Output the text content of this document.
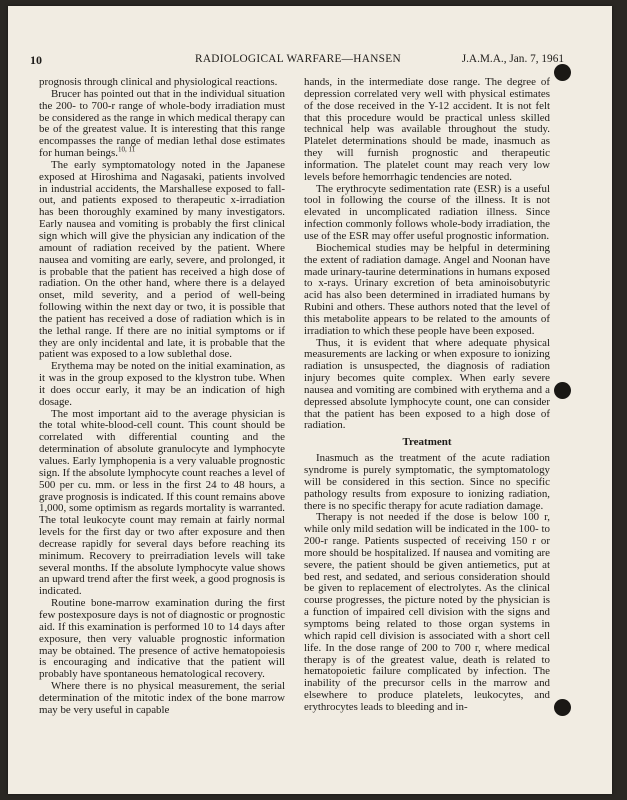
10	RADIOLOGICAL WARFARE—HANSEN	J.A.M.A., Jan. 7, 1961

prognosis through clinical and physiological reactions.

Brucer has pointed out that in the individual situation the 200- to 700-r range of whole-body irradiation must be considered as the range in which medical therapy can be of the greatest value. It is interesting that this range encompasses the range of median lethal dose estimates for human beings.$^{10, 11}$

The early symptomatology noted in the Japanese exposed at Hiroshima and Nagasaki, patients involved in industrial accidents, the Marshallese exposed to fall-out, and patients exposed to therapeutic x-irradiation has been thoroughly examined by many investigators. Early nausea and vomiting is probably the first clinical sign which will give the physician any indication of the amount of radiation received by the patient. Where nausea and vomiting are early, severe, and prolonged, it is probable that the patient has received a high dose of radiation. On the other hand, where there is a delayed onset, mild severity, and a period of well-being following within the next day or two, it is possible that the patient has received a dose of radiation which is in the lethal range. If there are no initial symptoms or if they are only incidental and late, it is probable that the patient was exposed to a low sublethal dose.

Erythema may be noted on the initial examination, as it was in the group exposed to the klystron tube. When it does occur early, it may be an indication of high dosage.

The most important aid to the average physician is the total white-blood-cell count. This count should be correlated with differential counting and the determination of absolute granulocyte and lymphocyte values. Early lymphopenia is a very valuable prognostic sign. If the absolute lymphocyte count reaches a level of 500 per cu. mm. or less in the first 24 to 48 hours, a grave prognosis is indicated. If this count remains above 1,000, some optimism as regards mortality is warranted. The total leukocyte count may remain at fairly normal levels for the first day or two after exposure and then decrease rapidly for several days before reaching its minimum. Recovery to preirradiation levels will take several months. If the absolute lymphocyte value shows an upward trend after the first week, a good prognosis is indicated.

Routine bone-marrow examination during the first few postexposure days is not of diagnostic or prognostic aid. If this examination is performed 10 to 14 days after exposure, then very valuable prognostic information may be obtained. The presence of active hematopoiesis is encouraging and indicative that the patient will probably have spontaneous hematological recovery.

Where there is no physical measurement, the serial determination of the mitotic index of the bone marrow may be very useful in capable

hands, in the intermediate dose range. The degree of depression correlated very well with physical estimates of the dose received in the Y-12 accident. It is not felt that this procedure would be practical unless skilled technical help was available throughout the study. Platelet determinations should be made, inasmuch as they will furnish prognostic and therapeutic information. The platelet count may reach very low levels before hemorrhagic tendencies are noted.

The erythrocyte sedimentation rate (ESR) is a useful tool in following the course of the illness. It is not elevated in uncomplicated radiation illness. Since infection commonly follows whole-body irradiation, the use of the ESR may offer useful prognostic information.

Biochemical studies may be helpful in determining the extent of radiation damage. Angel and Noonan have made urinary-taurine determinations in humans exposed to x-rays. Urinary excretion of beta aminoisobutyric acid has also been determined in irradiated humans by Rubini and others. These authors noted that the level of this metabolite appears to be related to the amounts of irradiation to which these people have been exposed.

Thus, it is evident that where adequate physical measurements are lacking or when exposure to ionizing radiation is unsuspected, the diagnosis of radiation injury becomes quite complex. When early severe nausea and vomiting are combined with erythema and a depressed absolute lymphocyte count, one can consider that the patient has been exposed to a high dose of radiation.

Treatment

Inasmuch as the treatment of the acute radiation syndrome is purely symptomatic, the symptomatology will be considered in this section. Since no specific pathology results from exposure to ionizing radiation, there is no specific therapy for acute radiation damage.

Therapy is not needed if the dose is below 100 r, while only mild sedation will be indicated in the 100- to 200-r range. Patients suspected of receiving 150 r or more should be hospitalized. If nausea and vomiting are severe, the patient should be given antiemetics, put at bed rest, and sedated, and serious consideration should be given to replacement of electrolytes. As the clinical course progresses, the picture noted by the physician is a function of impaired cell division with the signs and symptoms being related to those organ systems in which rapid cell division is associated with a short cell life. In the dose range of 200 to 700 r, where medical therapy is of the greatest value, death is related to hematopoietic failure complicated by infection. The inability of the precursor cells in the marrow and elsewhere to produce platelets, leukocytes, and erythrocytes leads to bleeding and in-
